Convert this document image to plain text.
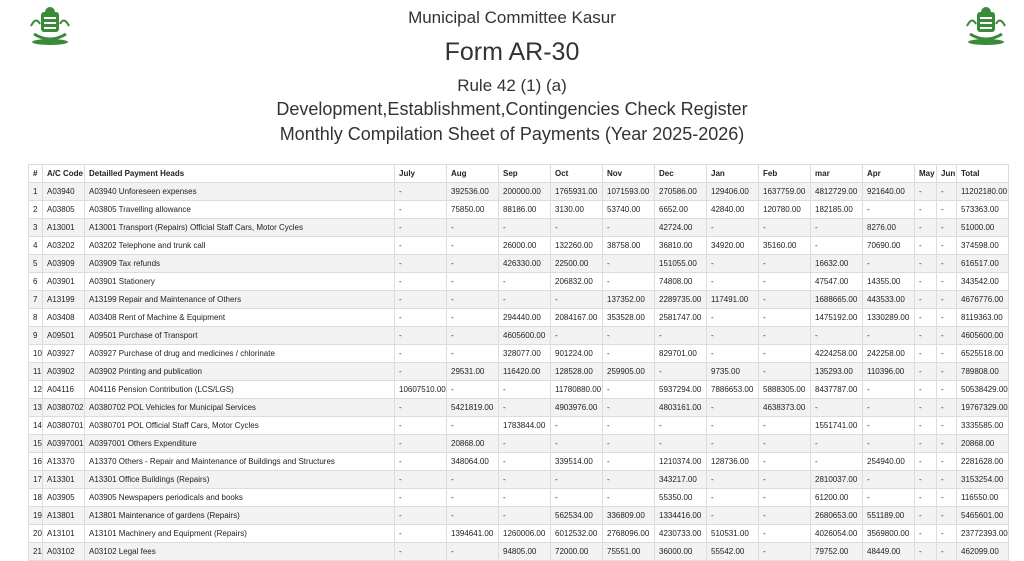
Municipal Committee Kasur
Form AR-30
Rule 42 (1) (a)
Development,Establishment,Contingencies Check Register
Monthly Compilation Sheet of Payments (Year 2025-2026)
#	A/C Code	Detailled Payment Heads	July	Aug	Sep	Oct	Nov	Dec	Jan	Feb	mar	Apr	May	Jun	Total
1	A03940	A03940 Unforeseen expenses	-	392536.00	200000.00	1765931.00	1071593.00	270586.00	129406.00	1637759.00	4812729.00	921640.00	-	-	11202180.00
2	A03805	A03805 Travelling allowance	-	75850.00	88186.00	3130.00	53740.00	6652.00	42840.00	120780.00	182185.00	-	-	-	573363.00
3	A13001	A13001 Transport (Repairs) Official Staff Cars, Motor Cycles	-	-	-	-	-	42724.00	-	-	-	8276.00	-	-	51000.00
4	A03202	A03202 Telephone and trunk call	-	-	26000.00	132260.00	38758.00	36810.00	34920.00	35160.00	-	70690.00	-	-	374598.00
5	A03909	A03909 Tax refunds	-	-	426330.00	22500.00	-	151055.00	-	-	16632.00	-	-	-	616517.00
6	A03901	A03901 Stationery	-	-	-	206832.00	-	74808.00	-	-	47547.00	14355.00	-	-	343542.00
7	A13199	A13199 Repair and Maintenance of Others	-	-	-	-	137352.00	2289735.00	117491.00	-	1688665.00	443533.00	-	-	4676776.00
8	A03408	A03408 Rent of Machine & Equipment	-	-	294440.00	2084167.00	353528.00	2581747.00	-	-	1475192.00	1330289.00	-	-	8119363.00
9	A09501	A09501 Purchase of Transport	-	-	4605600.00	-	-	-	-	-	-	-	-	-	4605600.00
10	A03927	A03927 Purchase of drug and medicines / chlorinate	-	-	328077.00	901224.00	-	829701.00	-	-	4224258.00	242258.00	-	-	6525518.00
11	A03902	A03902 Printing and publication	-	29531.00	116420.00	128528.00	259905.00	-	9735.00	-	135293.00	110396.00	-	-	789808.00
12	A04116	A04116 Pension Contribution (LCS/LGS)	10607510.00	-	-	11780880.00	-	5937294.00	7886653.00	5888305.00	8437787.00	-	-	-	50538429.00
13	A0380702	A0380702 POL Vehicles for Municipal Services	-	5421819.00	-	4903976.00	-	4803161.00	-	4638373.00	-	-	-	-	19767329.00
14	A0380701	A0380701 POL Official Staff Cars, Motor Cycles	-	-	1783844.00	-	-	-	-	-	1551741.00	-	-	-	3335585.00
15	A0397001	A0397001 Others Expenditure	-	20868.00	-	-	-	-	-	-	-	-	-	-	20868.00
16	A13370	A13370 Others - Repair and Maintenance of Buildings and Structures	-	348064.00	-	339514.00	-	1210374.00	128736.00	-	-	254940.00	-	-	2281628.00
17	A13301	A13301 Office Buildings (Repairs)	-	-	-	-	-	343217.00	-	-	2810037.00	-	-	-	3153254.00
18	A03905	A03905 Newspapers periodicals and books	-	-	-	-	-	55350.00	-	-	61200.00	-	-	-	116550.00
19	A13801	A13801 Maintenance of gardens (Repairs)	-	-	-	562534.00	336809.00	1334416.00	-	-	2680653.00	551189.00	-	-	5465601.00
20	A13101	A13101 Machinery and Equipment (Repairs)	-	1394641.00	1260006.00	6012532.00	2768096.00	4230733.00	510531.00	-	4026054.00	3569800.00	-	-	23772393.00
21	A03102	A03102 Legal fees	-	-	94805.00	72000.00	75551.00	36000.00	55542.00	-	79752.00	48449.00	-	-	462099.00
